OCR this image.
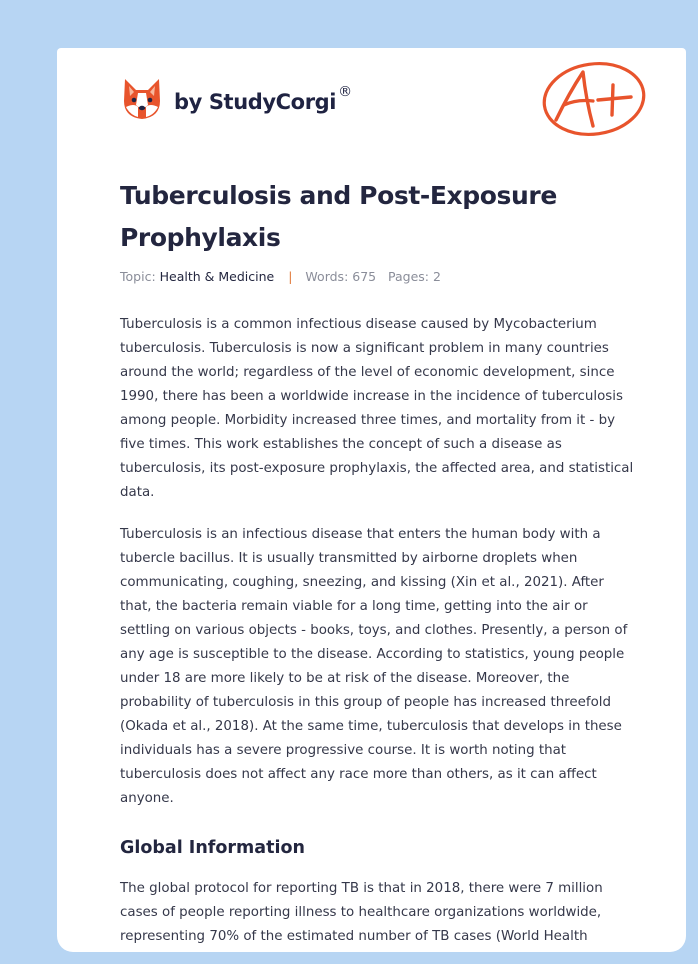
by StudyCorgi ®
Tuberculosis and Post-Exposure Prophylaxis
Topic: Health & Medicine | Words: 675 Pages: 2

Tuberculosis is a common infectious disease caused by Mycobacterium tuberculosis. Tuberculosis is now a significant problem in many countries around the world; regardless of the level of economic development, since 1990, there has been a worldwide increase in the incidence of tuberculosis among people. Morbidity increased three times, and mortality from it - by five times. This work establishes the concept of such a disease as tuberculosis, its post-exposure prophylaxis, the affected area, and statistical data.

Tuberculosis is an infectious disease that enters the human body with a tubercle bacillus. It is usually transmitted by airborne droplets when communicating, coughing, sneezing, and kissing (Xin et al., 2021). After that, the bacteria remain viable for a long time, getting into the air or settling on various objects - books, toys, and clothes. Presently, a person of any age is susceptible to the disease. According to statistics, young people under 18 are more likely to be at risk of the disease. Moreover, the probability of tuberculosis in this group of people has increased threefold (Okada et al., 2018). At the same time, tuberculosis that develops in these individuals has a severe progressive course. It is worth noting that tuberculosis does not affect any race more than others, as it can affect anyone.

Global Information

The global protocol for reporting TB is that in 2018, there were 7 million cases of people reporting illness to healthcare organizations worldwide, representing 70% of the estimated number of TB cases (World Health
